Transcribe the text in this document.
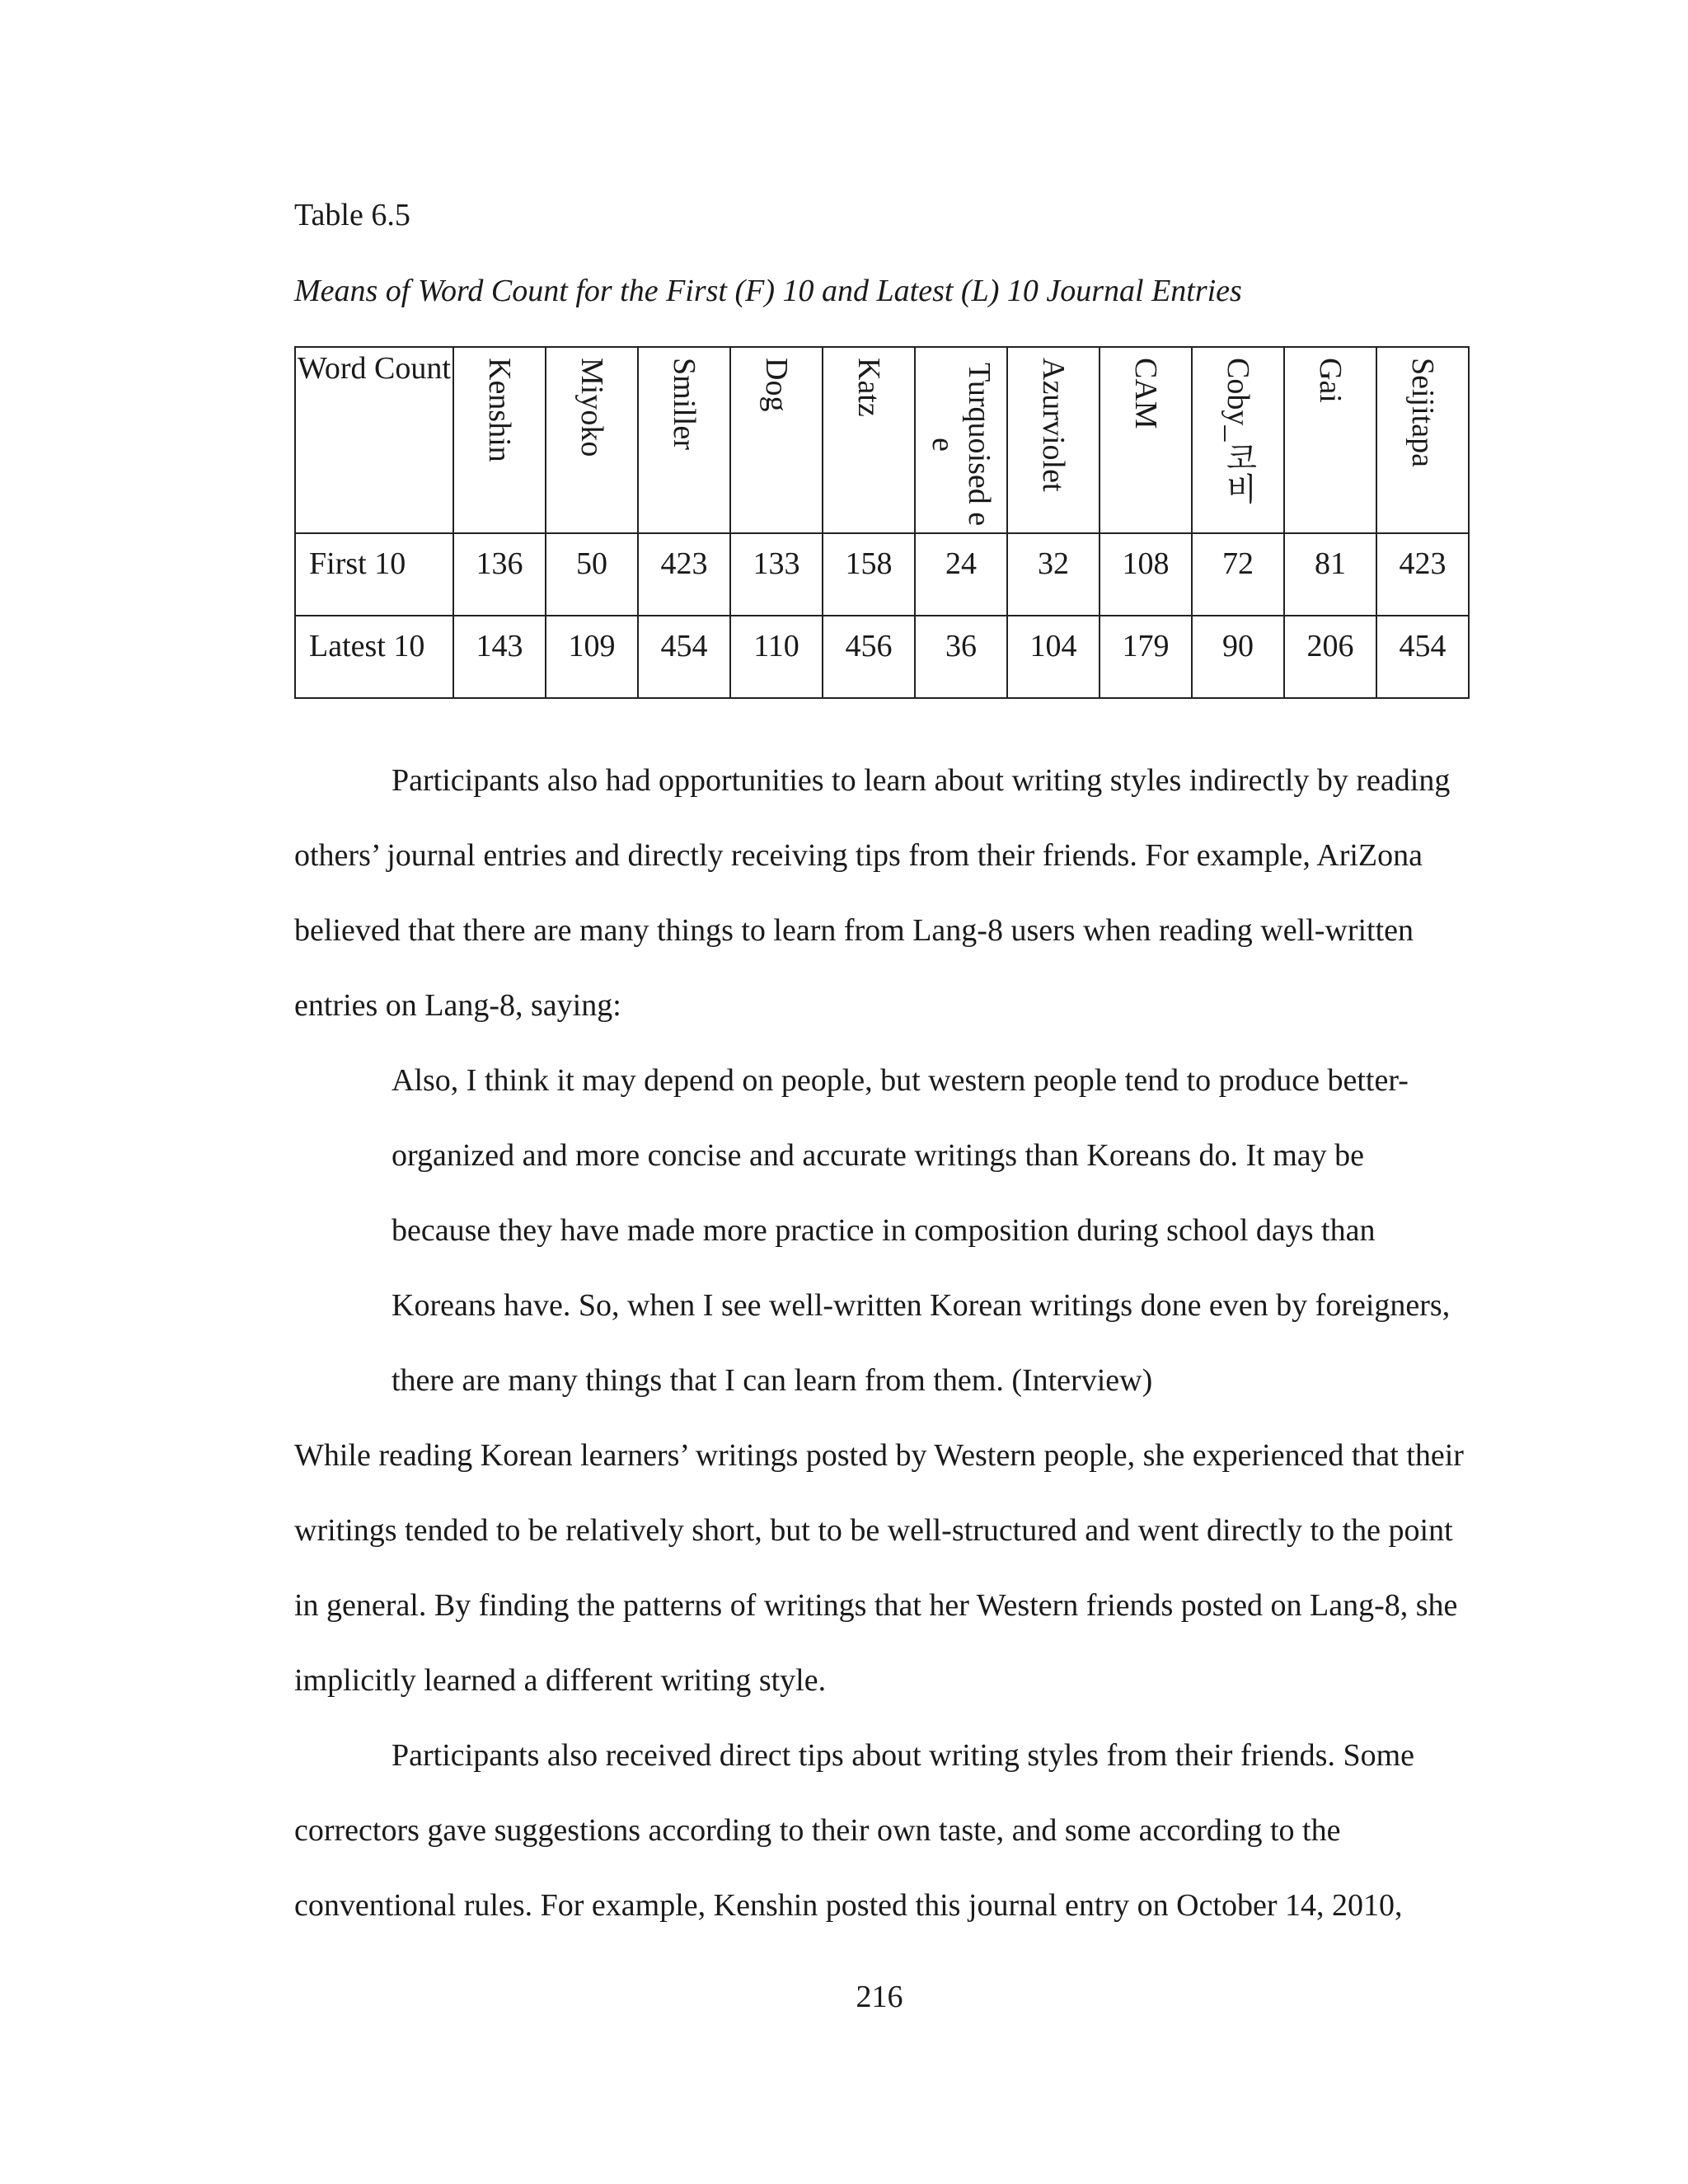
Table 6.5
Means of Word Count for the First (F) 10 and Latest (L) 10 Journal Entries
Word Count	Kenshin	Miyoko	Smiller	Dog	Katz	Turquoised ee	Azurviolet	CAM	Coby_코비	Gai	Seijitapa
First 10	136	50	423	133	158	24	32	108	72	81	423
Latest 10	143	109	454	110	456	36	104	179	90	206	454
Participants also had opportunities to learn about writing styles indirectly by reading others’ journal entries and directly receiving tips from their friends. For example, AriZona believed that there are many things to learn from Lang-8 users when reading well-written entries on Lang-8, saying:
Also, I think it may depend on people, but western people tend to produce better-organized and more concise and accurate writings than Koreans do. It may be because they have made more practice in composition during school days than Koreans have. So, when I see well-written Korean writings done even by foreigners, there are many things that I can learn from them. (Interview)
While reading Korean learners’ writings posted by Western people, she experienced that their writings tended to be relatively short, but to be well-structured and went directly to the point in general. By finding the patterns of writings that her Western friends posted on Lang-8, she implicitly learned a different writing style.
Participants also received direct tips about writing styles from their friends. Some correctors gave suggestions according to their own taste, and some according to the conventional rules. For example, Kenshin posted this journal entry on October 14, 2010,
216
